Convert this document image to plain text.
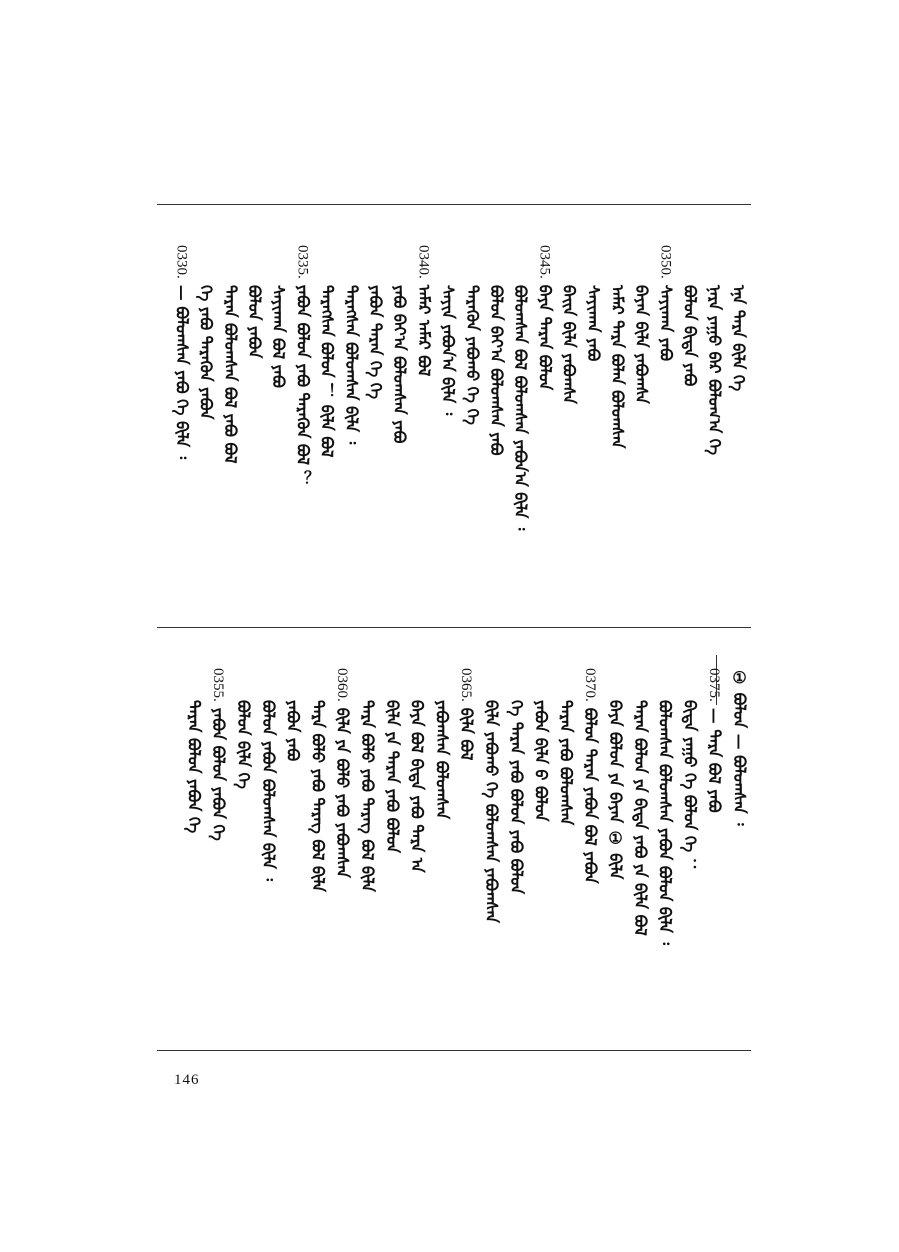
ᠡᠨᠡ ᠲᠡᠷᠡ ᠪᠢᠯᠡ ᠬᠡ
ᠨᠡᠷᠡ ᠶᠠᠭᠤ ᠪᠡᠷ ᠪᠤᠯᠤᠭ᠎ᠠ ᠬᠡ
ᠪᠣᠯᠤᠨ ᠪᠢᠳᠡ ᠶᠠᠪᠤ
0350.ᠰᠠᠶᠢᠬᠠᠨ ᠶᠠᠪᠤ
ᠪᠠᠶᠠᠨ ᠪᠢᠯᠡ ᠶᠠᠪᠤᠭᠰᠠ
ᠠᠮᠠᠷ ᠲᠡᠷᠡ ᠪᠣᠯᠠᠨ ᠪᠣᠯᠤᠭᠰᠠᠨ
ᠰᠠᠶᠢᠬᠠᠨ ᠶᠠᠪᠤ
ᠪᠠᠢᠨ ᠪᠢᠯᠡ ᠶᠠᠪᠤᠭᠰᠠ
0345.ᠪᠠᠶᠠ ᠲᠡᠷᠡᠨ ᠪᠣᠯᠤᠨ
ᠪᠣᠯᠤᠭᠰᠠᠨ ᠪᠣᠯ ᠪᠣᠯᠤᠭᠰᠠᠨ ᠶᠠᠪᠤᠨ᠎ᠠ ᠪᠢᠯᠡ ᠄
ᠪᠣᠯᠤᠨ ᠪᠠᠶ᠎ᠠ ᠪᠣᠯᠤᠭᠰᠠᠨ ᠶᠠᠪᠤ
ᠲᠡᠷᠡᠭᠦᠨ ᠶᠠᠪᠤᠬᠤ ᠬᠡ ᠬᠡ
ᠰᠠᠶᠢᠨ ᠶᠠᠪᠤᠨ᠎ᠠ ᠪᠢᠯᠡ ᠄
0340.ᠠᠮᠠᠷ ᠠᠮᠠᠷ ᠪᠣᠯ
ᠶᠠᠪᠤ ᠪᠠᠶ᠎ᠠ ᠪᠣᠯᠤᠭᠰᠠᠨ ᠶᠠᠪᠤ
ᠶᠠᠪᠤᠨ ᠲᠡᠷᠡᠨ ᠬᠡ ᠬᠡ
ᠲᠡᠷᠡᠭᠰᠡᠨ ᠪᠣᠯᠤᠭᠰᠠᠨ ᠪᠢᠯᠡ ᠄
ᠲᠡᠷᠡᠭᠰᠡᠨ ᠪᠣᠯᠤᠨ ！ ᠪᠢᠯᠡ ᠪᠣᠯ
0335.ᠶᠠᠪᠤᠨ ᠪᠣᠯᠤᠨ ᠶᠠᠪᠤ ᠲᠡᠷᠡᠭᠦᠨ ᠪᠣᠯ ？
ᠰᠠᠶᠢᠬᠠᠨ ᠪᠣᠯ ᠶᠠᠪᠤ
ᠪᠣᠯᠤᠨ ᠶᠠᠪᠤᠨ
ᠲᠡᠷᠡᠨ ᠪᠣᠯᠤᠭᠰᠠᠨ ᠪᠣᠯ ᠶᠠᠪᠤ ᠪᠣᠯ
ᠬᠡ ᠶᠠᠪᠤ ᠲᠡᠷᠡᠭᠦᠨ ᠶᠠᠪᠤᠨ
0330.— ᠪᠣᠯᠤᠭᠰᠠᠨ ᠶᠠᠪᠤ ᠬᠡ ᠪᠢᠯᠡ ᠄
① ᠪᠣᠯᠤᠨ — ᠪᠣᠯᠤᠭᠰᠠᠨ ᠄
0375.— ᠲᠡᠷᠡ ᠪᠣᠯ ᠶᠠᠪᠤ
ᠪᠢᠳᠡ ᠶᠠᠭᠤ ᠬᠡ ᠪᠣᠯᠤᠨ ᠬᠡ ：
ᠪᠣᠯᠤᠭᠰᠠᠨ ᠪᠣᠯᠤᠭᠰᠠᠨ ᠶᠠᠪᠤᠨ ᠪᠣᠯᠤᠨ ᠪᠢᠯᠡ ᠄
ᠲᠡᠷᠡᠨ ᠪᠣᠯᠤᠨ ᠶᠠ ᠪᠢᠳᠡ ᠶᠠᠪᠤ ᠶᠠ ᠪᠢᠯᠡ ᠪᠣᠯ
ᠪᠠᠶᠠ ᠪᠣᠯᠤᠨ ᠶᠠ ᠪᠠᠶᠠᠨ ① ᠪᠢᠯᠡ
0370.ᠪᠣᠯᠤᠨ ᠲᠡᠷᠡᠨ ᠶᠠᠪᠤᠨ ᠪᠣᠯ ᠶᠠᠪᠤᠨ
ᠲᠡᠷᠡᠨ ᠶᠠᠪᠤ ᠪᠣᠯᠤᠭᠰᠠᠨ
ᠶᠠᠪᠤᠨ ᠪᠢᠯᠡ ᠪ ᠪᠣᠯᠤᠨ
ᠬᠡ ᠲᠡᠷᠡᠨ ᠶᠠᠪᠤ ᠪᠣᠯᠤᠨ ᠶᠠᠪᠤ ᠪᠣᠯᠤᠨ
ᠪᠢᠯᠡ ᠶᠠᠪᠤᠬᠤ ᠬᠡ ᠪᠣᠯᠤᠭᠰᠠᠨ ᠶᠠᠪᠤᠭᠰᠠᠨ
0365.ᠪᠢᠯᠡ ᠪᠣᠯ
ᠶᠠᠪᠤᠭᠰᠠᠨ ᠪᠣᠯᠤᠭᠰᠠᠨ
ᠪᠠᠶᠠ ᠪᠣᠯ ᠪᠢᠳᠡ ᠶᠠᠪᠤ ᠲᠡᠷᠡ ᠠ
ᠪᠢᠯᠡ ᠶᠠ ᠲᠡᠷᠡᠨ ᠶᠠᠪᠤ ᠪᠣᠯᠤᠨ
ᠲᠡᠷᠡ ᠪᠣᠯᠤ ᠶᠠᠪᠤ ᠲᠡᠷᠡᠭ ᠪᠣᠯ ᠪᠢᠯᠡ
0360.ᠪᠢᠯᠡ ᠶᠠ ᠪᠣᠯᠤ ᠶᠠᠪᠤ ᠶᠠᠪᠤᠭᠰᠠᠨ
ᠲᠡᠷᠡ ᠪᠣᠯᠤ ᠶᠠᠪᠤ ᠲᠡᠷᠡᠭ ᠪᠣᠯ ᠪᠢᠯᠡ
ᠶᠠᠪᠤᠨ ᠶᠠᠪᠤ
ᠪᠣᠯᠤᠨ ᠶᠠᠪᠤᠨ ᠪᠣᠯᠤᠭᠰᠠᠨ ᠪᠢᠯᠡ ᠄
ᠪᠣᠯᠤᠨ ᠪᠢᠯᠡ ᠬᠡ
0355.ᠶᠠᠪᠤᠨ ᠪᠣᠯᠤᠨ ᠶᠠᠪᠤᠨ ᠬᠡ
ᠲᠡᠷᠡᠨ ᠪᠣᠯᠤᠨ ᠶᠠᠪᠤᠨ ᠬᠡ
146
